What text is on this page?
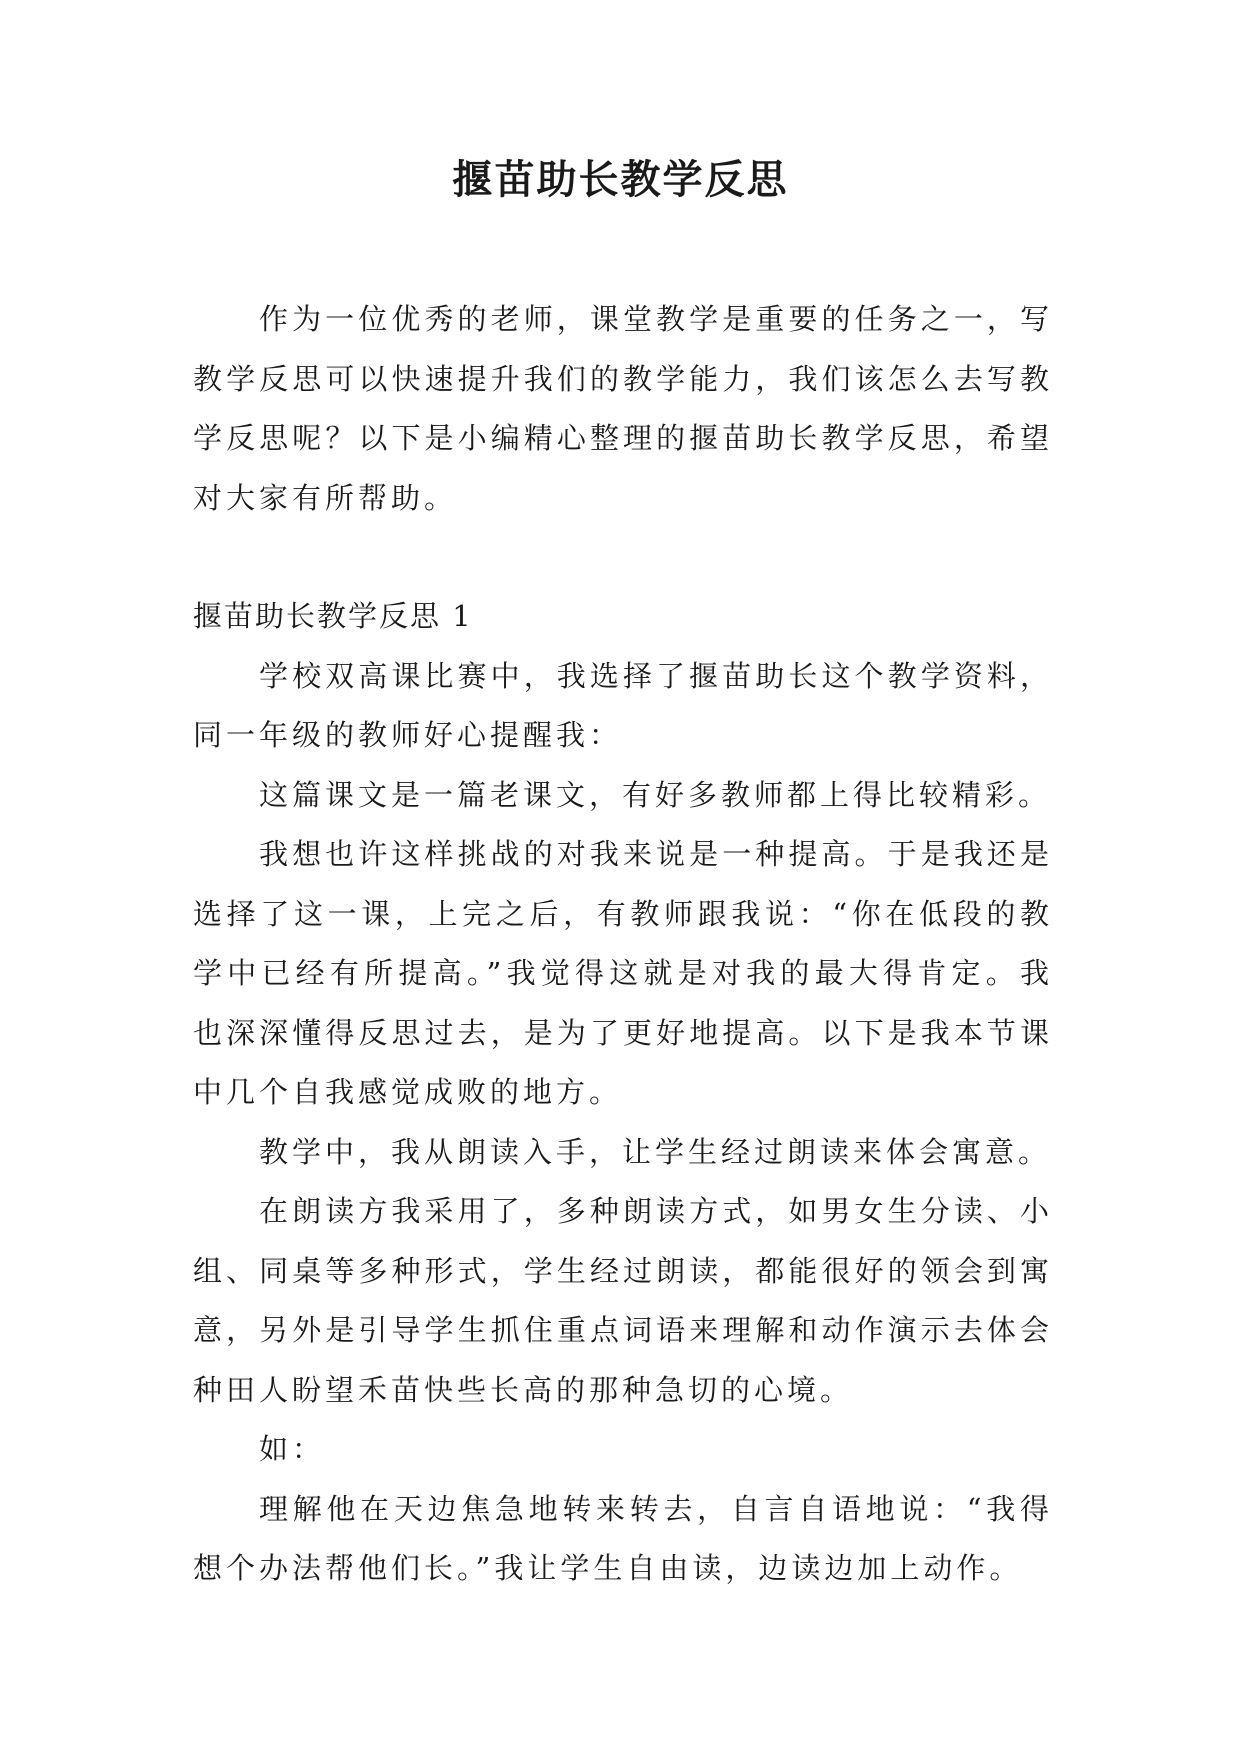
揠苗助长教学反思

作为一位优秀的老师，课堂教学是重要的任务之一，写教学反思可以快速提升我们的教学能力，我们该怎么去写教学反思呢？以下是小编精心整理的揠苗助长教学反思，希望对大家有所帮助。

揠苗助长教学反思 1

学校双高课比赛中，我选择了揠苗助长这个教学资料，同一年级的教师好心提醒我：

这篇课文是一篇老课文，有好多教师都上得比较精彩。

我想也许这样挑战的对我来说是一种提高。于是我还是选择了这一课，上完之后，有教师跟我说：“你在低段的教学中已经有所提高。”我觉得这就是对我的最大得肯定。我也深深懂得反思过去，是为了更好地提高。以下是我本节课中几个自我感觉成败的地方。

教学中，我从朗读入手，让学生经过朗读来体会寓意。

在朗读方我采用了，多种朗读方式，如男女生分读、小组、同桌等多种形式，学生经过朗读，都能很好的领会到寓意，另外是引导学生抓住重点词语来理解和动作演示去体会种田人盼望禾苗快些长高的那种急切的心境。

如：

理解他在天边焦急地转来转去，自言自语地说：“我得想个办法帮他们长。”我让学生自由读，边读边加上动作。
